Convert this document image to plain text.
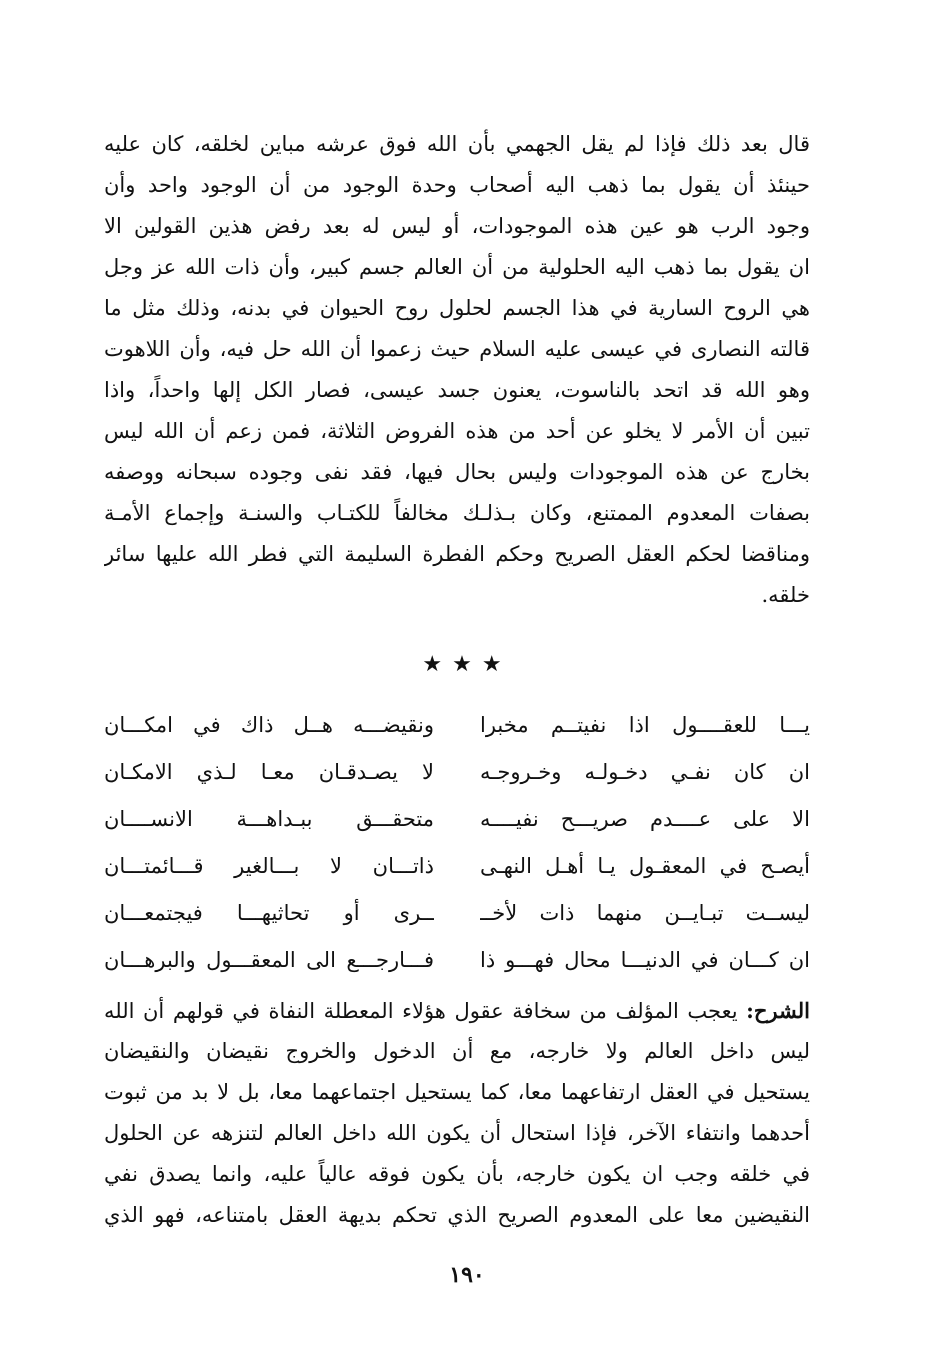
قال بعد ذلك فإذا لم يقل الجهمي بأن الله فوق عرشه مباين لخلقه، كان عليه
حينئذ أن يقول بما ذهب اليه أصحاب وحدة الوجود من أن الوجود واحد وأن
وجود الرب هو عين هذه الموجودات، أو ليس له بعد رفض هذين القولين الا
ان يقول بما ذهب اليه الحلولية من أن العالم جسم كبير، وأن ذات الله عز وجل
هي الروح السارية في هذا الجسم لحلول روح الحيوان في بدنه، وذلك مثل ما
قالته النصارى في عيسى عليه السلام حيث زعموا أن الله حل فيه، وأن اللاهوت
وهو الله قد اتحد بالناسوت، يعنون جسد عيسى، فصار الكل إلها واحداً، واذا
تبين أن الأمر لا يخلو عن أحد من هذه الفروض الثلاثة، فمن زعم أن الله ليس
بخارج عن هذه الموجودات وليس بحال فيها، فقد نفى وجوده سبحانه ووصفه
بصفات المعدوم الممتنع، وكان بـذلـك مخالفاً للكتـاب والسنـة وإجماع الأمـة
ومناقضا لحكم العقل الصريح وحكم الفطرة السليمة التي فطر الله عليها سائر
خلقه.
★★★
يـــا للعقــــول اذا نفيتــم مخبرا
ونقيضـــه هــل ذاك في امكـــان
ان كان نفـي دخـولـه وخـروجـه
لا يصـدقـان معـا لـذي الامكـان
الا على عــــدم صريـــح نفيــــه
متحقـــق ببـداهـــة الانســــان
أيصـح في المعقـول يـا أهـل النهـى
ذاتـــان لا بـــالغير قـــائمتـــان
ليســت تبـايــن منهما ذات لأخــ
ــرى أو تحاثيهـــا فيجتمعـــان
ان كـــان في الدنيـــا محال فهـــو ذا
فـــارجـــع الى المعقـــول والبرهـــان
الشرح: يعجب المؤلف من سخافة عقول هؤلاء المعطلة النفاة في قولهم أن الله
ليس داخل العالم ولا خارجه، مع أن الدخول والخروج نقيضان والنقيضان
يستحيل في العقل ارتفاعهما معا، كما يستحيل اجتماعهما معا، بل لا بد من ثبوت
أحدهما وانتفاء الآخر، فإذا استحال أن يكون الله داخل العالم لتنزهه عن الحلول
في خلقه وجب ان يكون خارجه، بأن يكون فوقه عالياً عليه، وانما يصدق نفي
النقيضين معا على المعدوم الصريح الذي تحكم بديهة العقل بامتناعه، فهو الذي
١٩٠
